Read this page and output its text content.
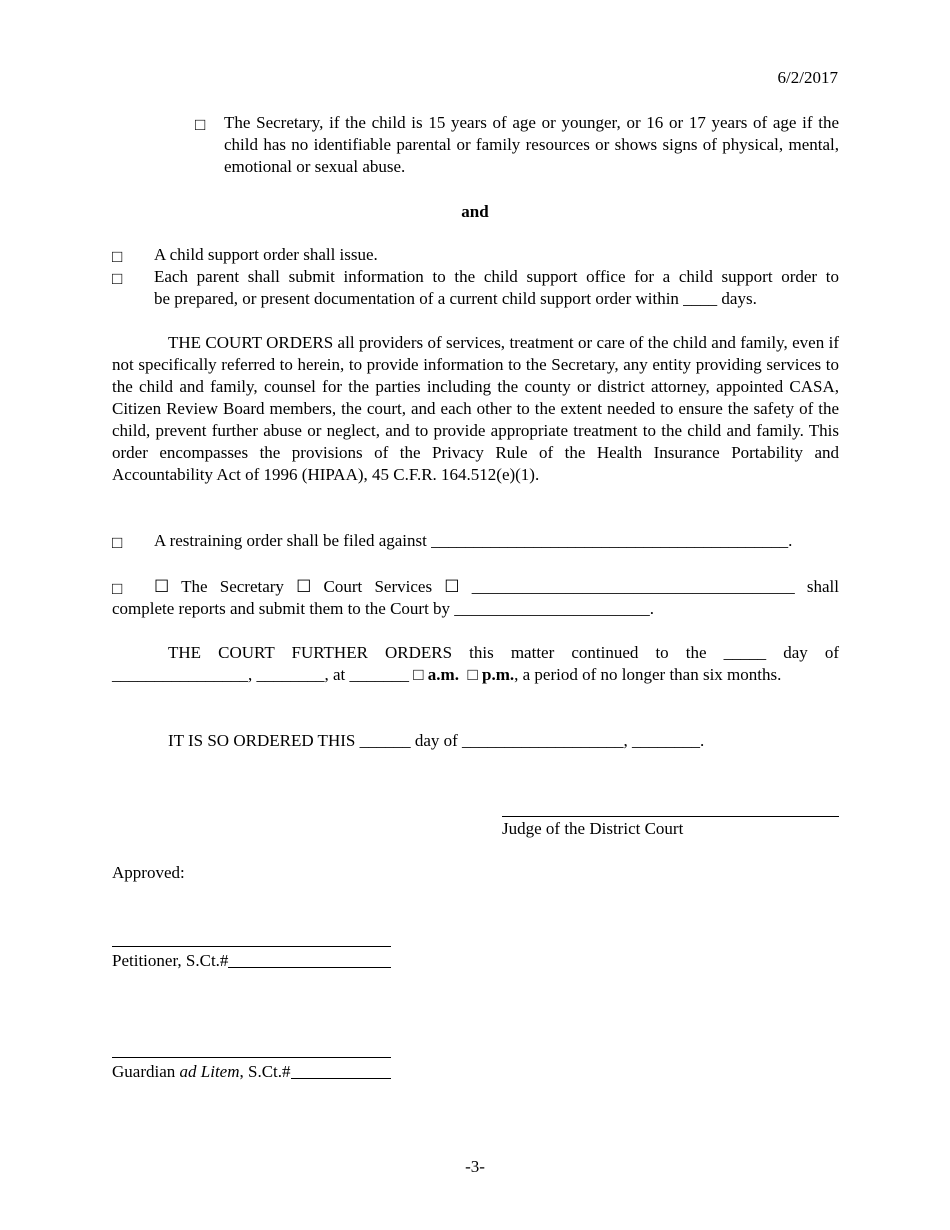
6/2/2017
□ The Secretary, if the child is 15 years of age or younger, or 16 or 17 years of age if the child has no identifiable parental or family resources or shows signs of physical, mental, emotional or sexual abuse.
and
□ A child support order shall issue.
□ Each parent shall submit information to the child support office for a child support order to
be prepared, or present documentation of a current child support order within ____ days.
THE COURT ORDERS all providers of services, treatment or care of the child and family, even if not specifically referred to herein, to provide information to the Secretary, any entity providing services to the child and family, counsel for the parties including the county or district attorney, appointed CASA, Citizen Review Board members, the court, and each other to the extent needed to ensure the safety of the child, prevent further abuse or neglect, and to provide appropriate treatment to the child and family. This order encompasses the provisions of the Privacy Rule of the Health Insurance Portability and Accountability Act of 1996 (HIPAA), 45 C.F.R. 164.512(e)(1).
□ A restraining order shall be filed against __________________________________________.
□ ☐ The Secretary ☐ Court Services ☐ ______________________________________ shall
complete reports and submit them to the Court by _______________________.
THE COURT FURTHER ORDERS this matter continued to the _____ day of
________________, ________, at _______ □ a.m.  □ p.m., a period of no longer than six months.
IT IS SO ORDERED THIS ______ day of ___________________, ________.
Judge of the District Court
Approved:
Petitioner, S.Ct.#
Guardian ad Litem, S.Ct.#
-3-
